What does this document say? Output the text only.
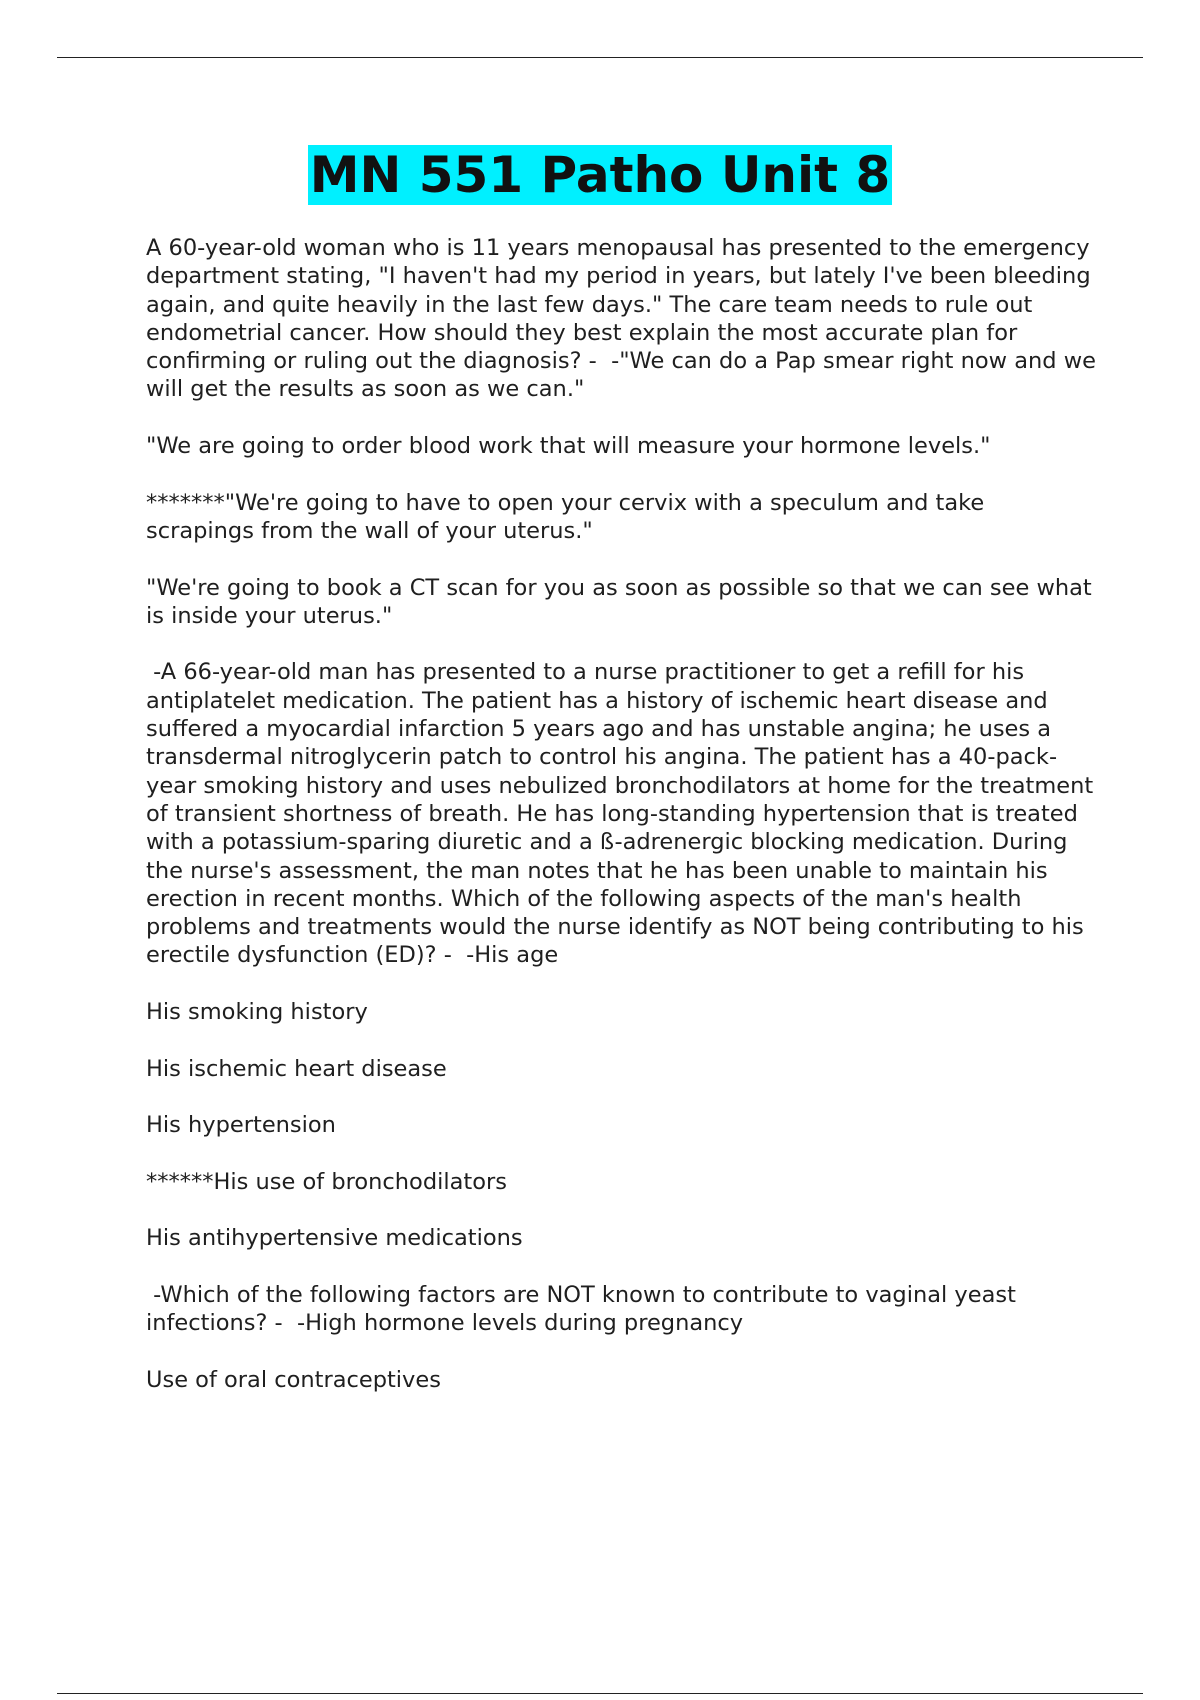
MN 551 Patho Unit 8

A 60-year-old woman who is 11 years menopausal has presented to the emergency department stating, "I haven't had my period in years, but lately I've been bleeding again, and quite heavily in the last few days." The care team needs to rule out endometrial cancer. How should they best explain the most accurate plan for confirming or ruling out the diagnosis? -  -"We can do a Pap smear right now and we will get the results as soon as we can."

"We are going to order blood work that will measure your hormone levels."

*******"We're going to have to open your cervix with a speculum and take scrapings from the wall of your uterus."

"We're going to book a CT scan for you as soon as possible so that we can see what is inside your uterus."

-A 66-year-old man has presented to a nurse practitioner to get a refill for his antiplatelet medication. The patient has a history of ischemic heart disease and suffered a myocardial infarction 5 years ago and has unstable angina; he uses a transdermal nitroglycerin patch to control his angina. The patient has a 40-pack-year smoking history and uses nebulized bronchodilators at home for the treatment of transient shortness of breath. He has long-standing hypertension that is treated with a potassium-sparing diuretic and a ß-adrenergic blocking medication. During the nurse's assessment, the man notes that he has been unable to maintain his erection in recent months. Which of the following aspects of the man's health problems and treatments would the nurse identify as NOT being contributing to his erectile dysfunction (ED)? -  -His age

His smoking history

His ischemic heart disease

His hypertension

******His use of bronchodilators

His antihypertensive medications

-Which of the following factors are NOT known to contribute to vaginal yeast infections? -  -High hormone levels during pregnancy

Use of oral contraceptives
